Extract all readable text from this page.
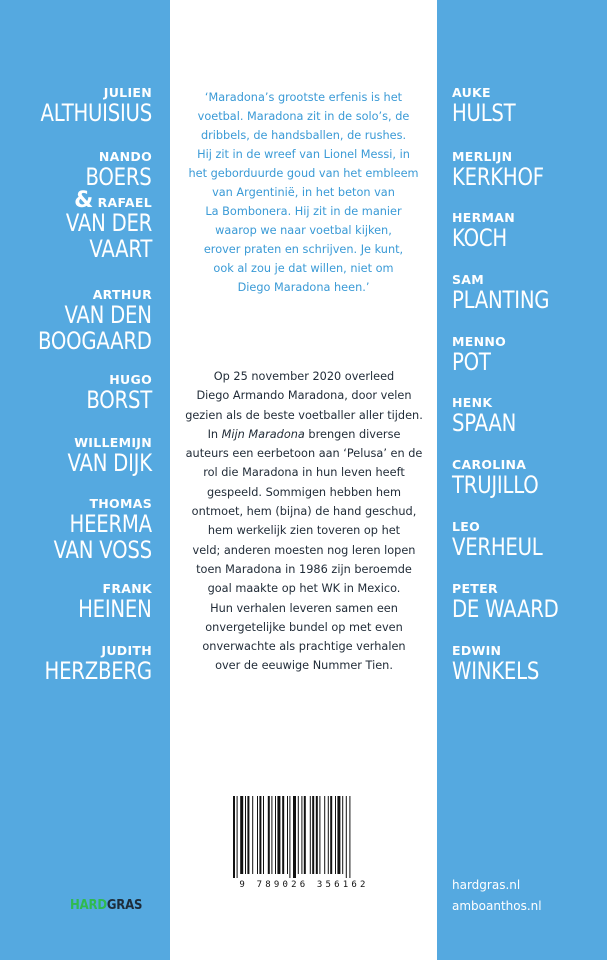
JULIEN
ALTHUISIUS
NANDO
BOERS
& RAFAEL
VAN DER
VAART
ARTHUR
VAN DEN
BOOGAARD
HUGO
BORST
WILLEMIJN
VAN DIJK
THOMAS
HEERMA
VAN VOSS
FRANK
HEINEN
JUDITH
HERZBERG
AUKE
HULST
MERLIJN
KERKHOF
HERMAN
KOCH
SAM
PLANTING
MENNO
POT
HENK
SPAAN
CAROLINA
TRUJILLO
LEO
VERHEUL
PETER
DE WAARD
EDWIN
WINKELS

‘Maradona’s grootste erfenis is het
voetbal. Maradona zit in de solo’s, de
dribbels, de handsballen, de rushes.
Hij zit in de wreef van Lionel Messi, in
het geborduurde goud van het embleem
van Argentinië, in het beton van
La Bombonera. Hij zit in de manier
waarop we naar voetbal kijken,
erover praten en schrijven. Je kunt,
ook al zou je dat willen, niet om
Diego Maradona heen.’

Op 25 november 2020 overleed
Diego Armando Maradona, door velen
gezien als de beste voetballer aller tijden.
In Mijn Maradona brengen diverse
auteurs een eerbetoon aan ‘Pelusa’ en de
rol die Maradona in hun leven heeft
gespeeld. Sommigen hebben hem
ontmoet, hem (bijna) de hand geschud,
hem werkelijk zien toveren op het
veld; anderen moesten nog leren lopen
toen Maradona in 1986 zijn beroemde
goal maakte op het WK in Mexico.
Hun verhalen leveren samen een
onvergetelijke bundel op met even
onverwachte als prachtige verhalen
over de eeuwige Nummer Tien.

9 789026 356162
HARDGRAS
hardgras.nl
amboanthos.nl
